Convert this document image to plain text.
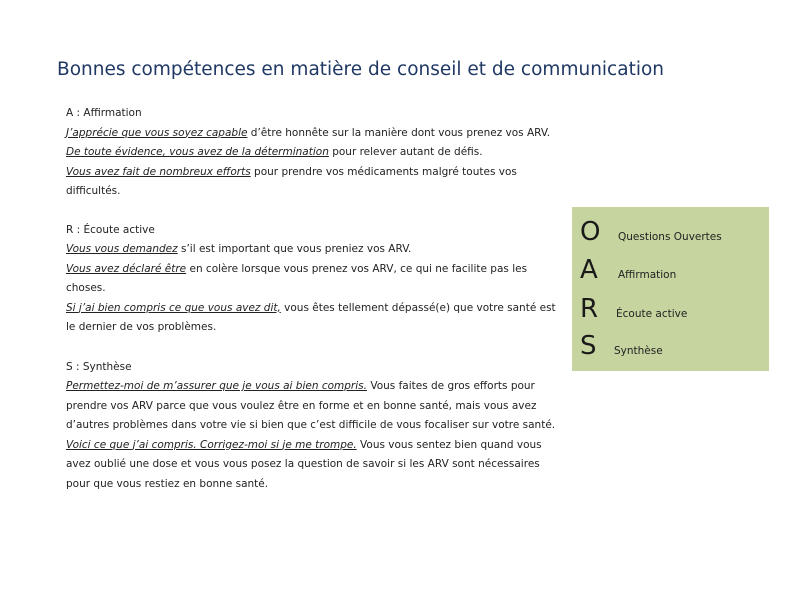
Bonnes compétences en matière de conseil et de communication

A : Affirmation

J’apprécie que vous soyez capable d’être honnête sur la manière dont vous prenez vos ARV.

De toute évidence, vous avez de la détermination pour relever autant de défis.

Vous avez fait de nombreux efforts pour prendre vos médicaments malgré toutes vos difficultés.

R : Écoute active

Vous vous demandez s’il est important que vous preniez vos ARV.

Vous avez déclaré être en colère lorsque vous prenez vos ARV, ce qui ne facilite pas les choses.

Si j’ai bien compris ce que vous avez dit, vous êtes tellement dépassé(e) que votre santé est le dernier de vos problèmes.

S : Synthèse

Permettez-moi de m’assurer que je vous ai bien compris. Vous faites de gros efforts pour prendre vos ARV parce que vous voulez être en forme et en bonne santé, mais vous avez d’autres problèmes dans votre vie si bien que c’est difficile de vous focaliser sur votre santé.

Voici ce que j’ai compris. Corrigez-moi si je me trompe. Vous vous sentez bien quand vous avez oublié une dose et vous vous posez la question de savoir si les ARV sont nécessaires pour que vous restiez en bonne santé.

O	Questions Ouvertes
A	Affirmation
R	Écoute active
S	Synthèse
